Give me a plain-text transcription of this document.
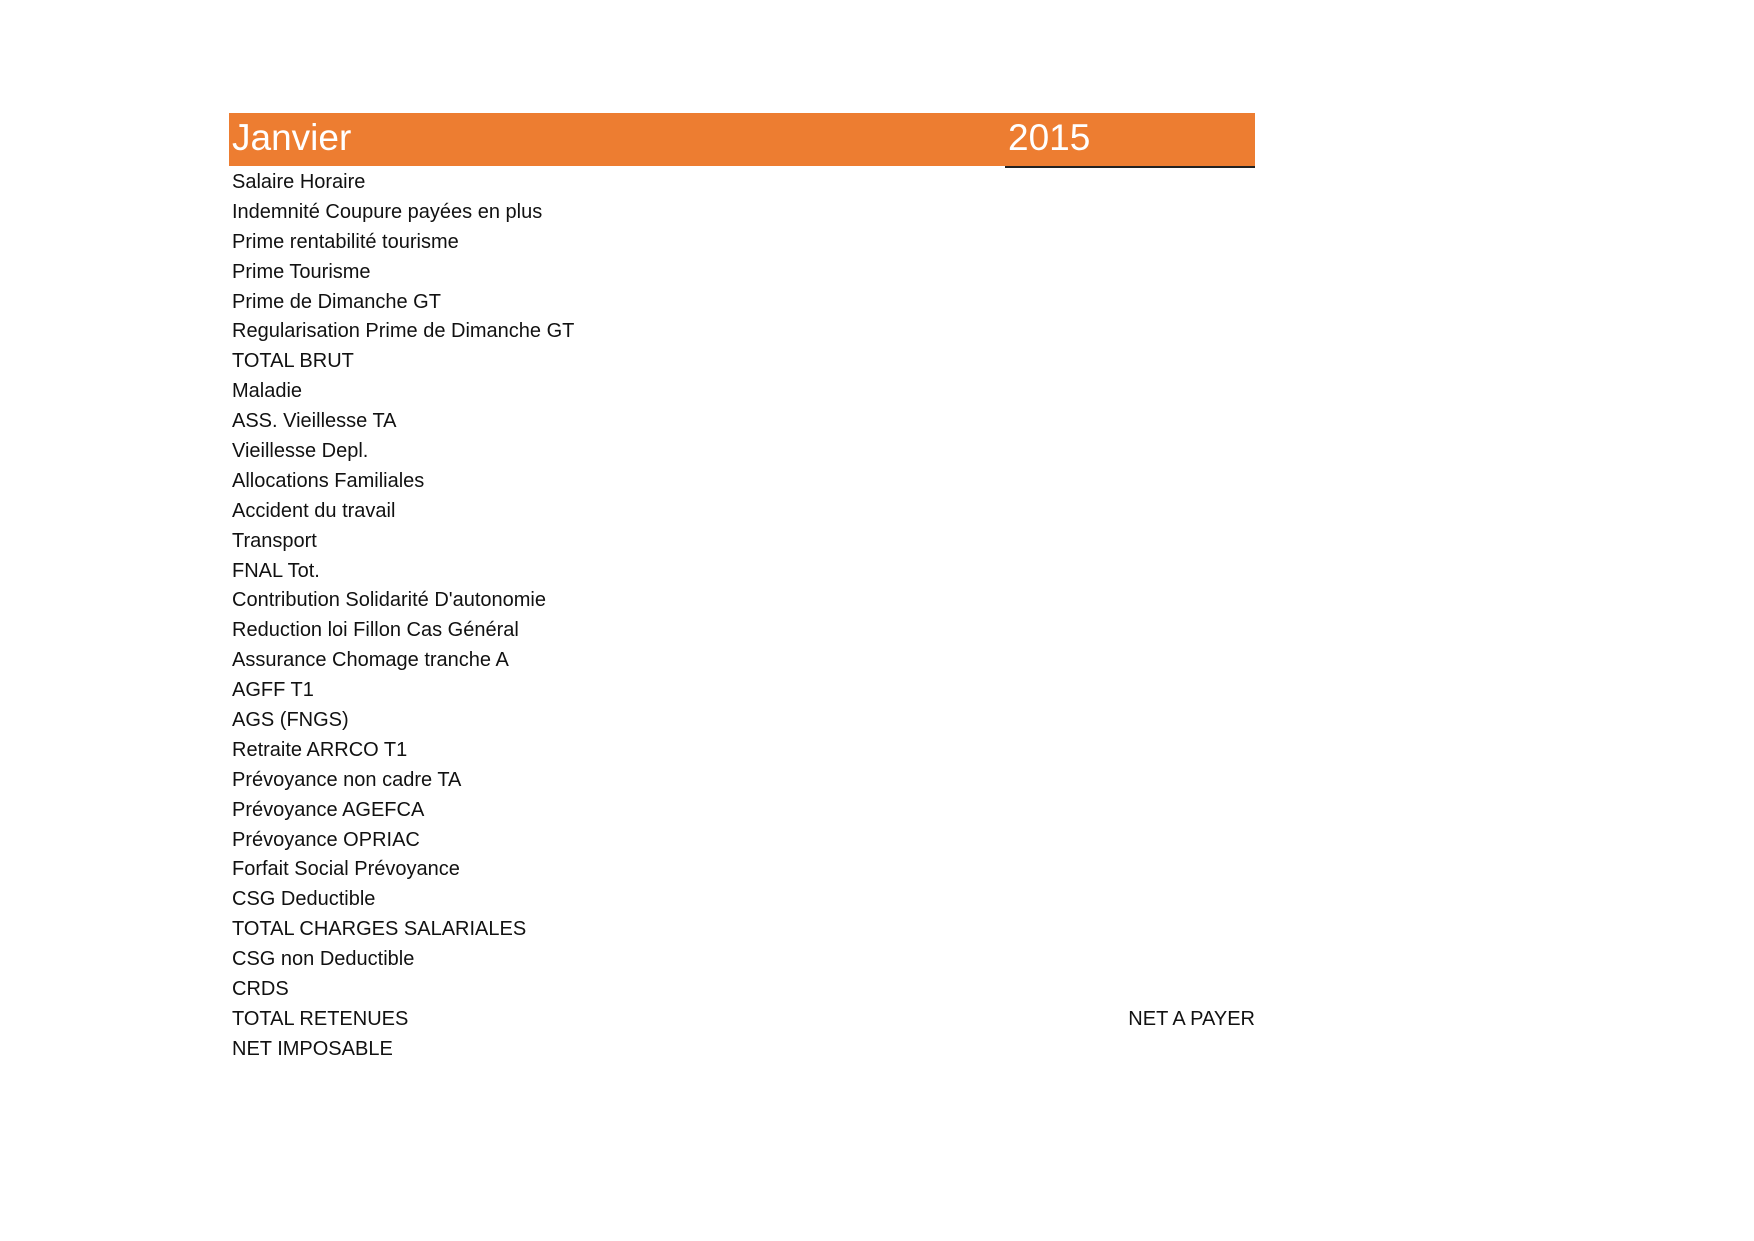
Janvier	2015
Salaire Horaire
Indemnité Coupure payées en plus
Prime rentabilité tourisme
Prime Tourisme
Prime de Dimanche GT
Regularisation Prime de Dimanche GT
TOTAL BRUT
Maladie
ASS. Vieillesse TA
Vieillesse Depl.
Allocations Familiales
Accident du travail
Transport
FNAL Tot.
Contribution Solidarité D'autonomie
Reduction loi Fillon Cas Général
Assurance Chomage tranche A
AGFF T1
AGS (FNGS)
Retraite ARRCO T1
Prévoyance non cadre TA
Prévoyance AGEFCA
Prévoyance OPRIAC
Forfait Social Prévoyance
CSG Deductible
TOTAL CHARGES SALARIALES
CSG non Deductible
CRDS
TOTAL RETENUES	NET A PAYER
NET IMPOSABLE
